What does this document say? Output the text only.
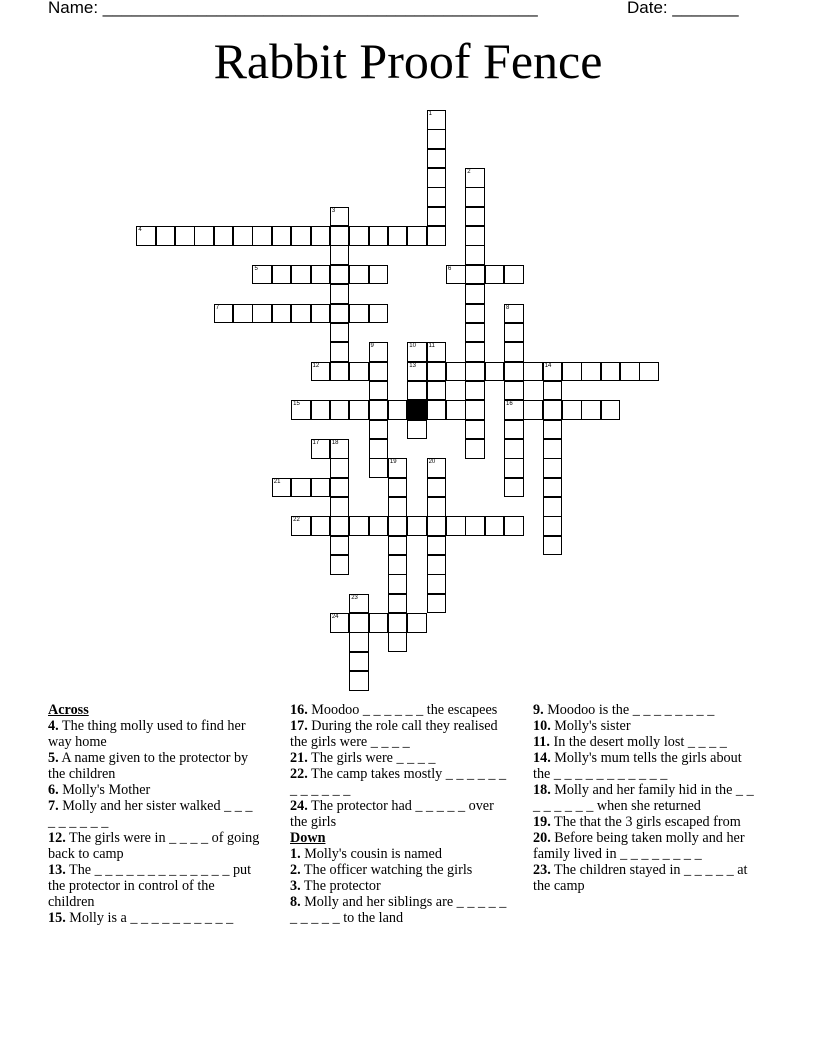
Name: ______________________________________________	Date: _______
Rabbit Proof Fence
1
2
3
4
5	6
7	8
16
9	10
13
11
12	14
15
17 18
19	20
21
22
23
24
Across
4. The thing molly used to find her way home
5. A name given to the protector by the children
6. Molly's Mother
7. Molly and her sister walked _ _ _ _ _ _ _ _ _
12. The girls were in _ _ _ _ of going back to camp
13. The _ _ _ _ _ _ _ _ _ _ _ _ _ put the protector in control of the children
15. Molly is a _ _ _ _ _ _ _ _ _ _
16. Moodoo _ _ _ _ _ _ the escapees
17. During the role call they realised the girls were _ _ _ _
21. The girls were _ _ _ _
22. The camp takes mostly _ _ _ _ _ _ _ _ _ _ _ _
24. The protector had _ _ _ _ _ over the girls
Down
1. Molly's cousin is named
2. The officer watching the girls
3. The protector
8. Molly and her siblings are _ _ _ _ _ _ _ _ _ _ to the land
9. Moodoo is the _ _ _ _ _ _ _ _
10. Molly's sister
11. In the desert molly lost _ _ _ _
14. Molly's mum tells the girls about the _ _ _ _ _ _ _ _ _ _ _
18. Molly and her family hid in the _ _ _ _ _ _ _ _ when she returned
19. The that the 3 girls escaped from
20. Before being taken molly and her family lived in _ _ _ _ _ _ _ _
23. The children stayed in _ _ _ _ _ at the camp
